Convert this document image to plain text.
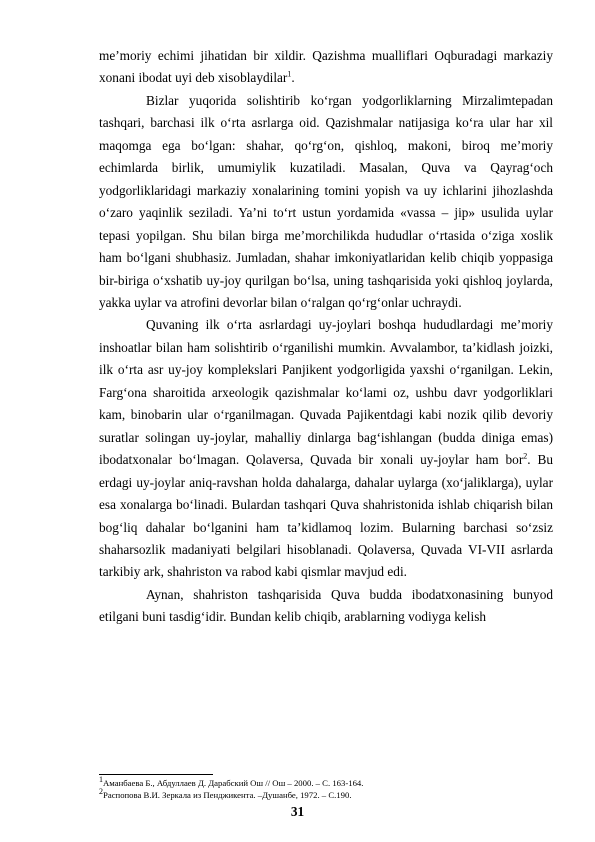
me’moriy echimi jihatidan bir xildir. Qazishma mualliflari Oqburadagi markaziy xonani ibodat uyi deb xisoblaydilar$^1$.

Bizlar yuqorida solishtirib ko‘rgan yodgorliklarning Mirzalimtepadan tashqari, barchasi ilk o‘rta asrlarga oid. Qazishmalar natijasiga ko‘ra ular har xil maqomga ega bo‘lgan: shahar, qo‘rg‘on, qishloq, makoni, biroq me’moriy echimlarda birlik, umumiylik kuzatiladi. Masalan, Quva va Qayrag‘och yodgorliklaridagi markaziy xonalarining tomini yopish va uy ichlarini jihozlashda o‘zaro yaqinlik seziladi. Ya’ni to‘rt ustun yordamida «vassa – jip» usulida uylar tepasi yopilgan. Shu bilan birga me’morchilikda hududlar o‘rtasida o‘ziga xoslik ham bo‘lgani shubhasiz. Jumladan, shahar imkoniyatlaridan kelib chiqib yoppasiga bir-biriga o‘xshatib uy-joy qurilgan bo‘lsa, uning tashqarisida yoki qishloq joylarda, yakka uylar va atrofini devorlar bilan o‘ralgan qo‘rg‘onlar uchraydi.

Quvaning ilk o‘rta asrlardagi uy-joylari boshqa hududlardagi me’moriy inshoatlar bilan ham solishtirib o‘rganilishi mumkin. Avvalambor, ta’kidlash joizki, ilk o‘rta asr uy-joy komplekslari Panjikent yodgorligida yaxshi o‘rganilgan. Lekin, Farg‘ona sharoitida arxeologik qazishmalar ko‘lami oz, ushbu davr yodgorliklari kam, binobarin ular o‘rganilmagan. Quvada Pajikentdagi kabi nozik qilib devoriy suratlar solingan uy-joylar, mahalliy dinlarga bag‘ishlangan (budda diniga emas) ibodatxonalar bo‘lmagan. Qolaversa, Quvada bir xonali uy-joylar ham bor$^2$. Bu erdagi uy-joylar aniq-ravshan holda dahalarga, dahalar uylarga (xo‘jaliklarga), uylar esa xonalarga bo‘linadi. Bulardan tashqari Quva shahristonida ishlab chiqarish bilan bog‘liq dahalar bo‘lganini ham ta’kidlamoq lozim. Bularning barchasi so‘zsiz shaharsozlik madaniyati belgilari hisoblanadi. Qolaversa, Quvada VI-VII asrlarda tarkibiy ark, shahriston va rabod kabi qismlar mavjud edi.

Aynan, shahriston tashqarisida Quva budda ibodatxonasining bunyod etilgani buni tasdig‘idir. Bundan kelib chiqib, arablarning vodiyga kelish

$^1$Аманбаева Б., Абдуллаев Д. Дарабский Ош // Ош – 2000. – С. 163-164.
$^2$Распопова В.И. Зеркала из Пенджикента. –Душанбе, 1972. – С.190.
31
